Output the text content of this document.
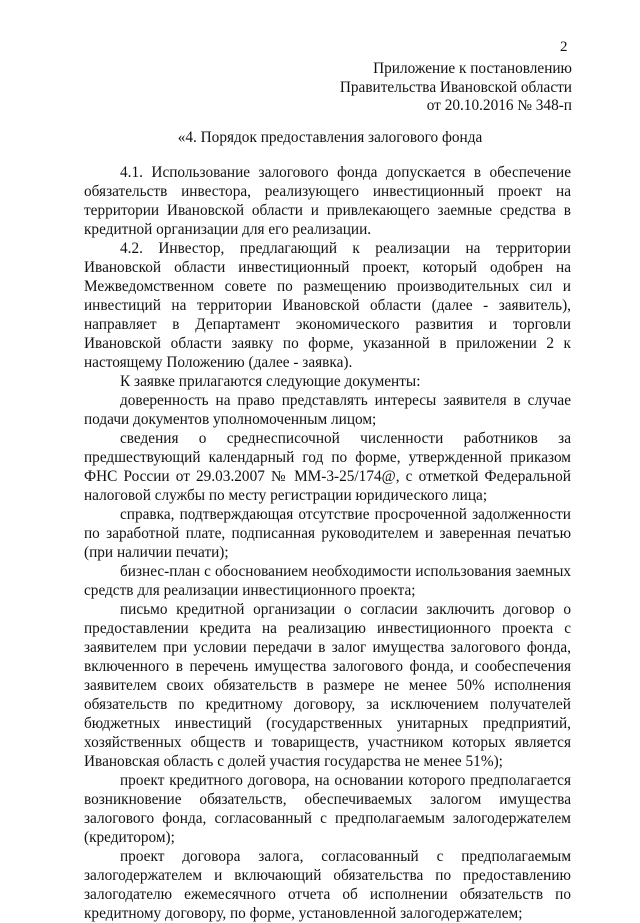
2
Приложение к постановлению
Правительства Ивановской области
от 20.10.2016 № 348-п
«4. Порядок предоставления залогового фонда

4.1. Использование залогового фонда допускается в обеспечение обязательств инвестора, реализующего инвестиционный проект на территории Ивановской области и привлекающего заемные средства в кредитной организации для его реализации.

4.2. Инвестор, предлагающий к реализации на территории Ивановской области инвестиционный проект, который одобрен на Межведомственном совете по размещению производительных сил и инвестиций на территории Ивановской области (далее - заявитель), направляет в Департамент экономического развития и торговли Ивановской области заявку по форме, указанной в приложении 2 к настоящему Положению (далее - заявка).

К заявке прилагаются следующие документы:

доверенность на право представлять интересы заявителя в случае подачи документов уполномоченным лицом;

сведения о среднесписочной численности работников за предшествующий календарный год по форме, утвержденной приказом ФНС России от 29.03.2007 № ММ-3-25/174@, с отметкой Федеральной налоговой службы по месту регистрации юридического лица;

справка, подтверждающая отсутствие просроченной задолженности по заработной плате, подписанная руководителем и заверенная печатью (при наличии печати);

бизнес-план с обоснованием необходимости использования заемных средств для реализации инвестиционного проекта;

письмо кредитной организации о согласии заключить договор о предоставлении кредита на реализацию инвестиционного проекта с заявителем при условии передачи в залог имущества залогового фонда, включенного в перечень имущества залогового фонда, и сообеспечения заявителем своих обязательств в размере не менее 50% исполнения обязательств по кредитному договору, за исключением получателей бюджетных инвестиций (государственных унитарных предприятий, хозяйственных обществ и товариществ, участником которых является Ивановская область с долей участия государства не менее 51%);

проект кредитного договора, на основании которого предполагается возникновение обязательств, обеспечиваемых залогом имущества залогового фонда, согласованный с предполагаемым залогодержателем (кредитором);

проект договора залога, согласованный с предполагаемым залогодержателем и включающий обязательства по предоставлению залогодателю ежемесячного отчета об исполнении обязательств по кредитному договору, по форме, установленной залогодержателем;
